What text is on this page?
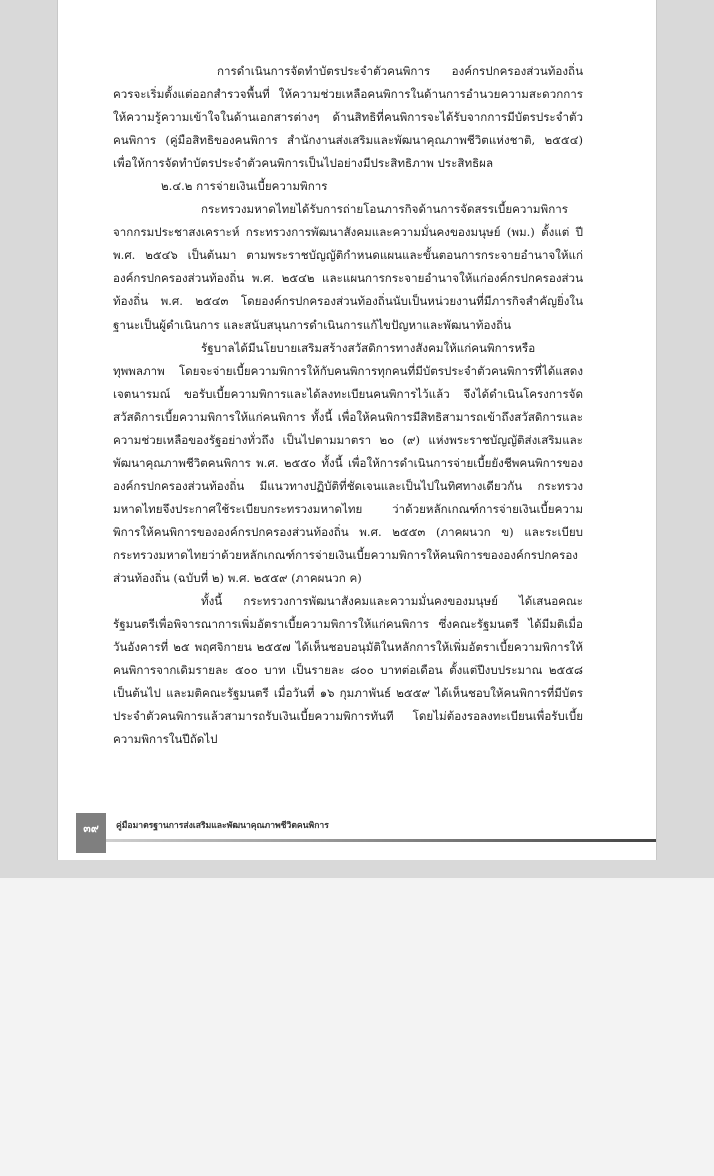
การดำเนินการจัดทำบัตรประจำตัวคนพิการ องค์กรปกครองส่วนท้องถิ่นควรจะเริ่มตั้งแต่ออกสำรวจพื้นที่ ให้ความช่วยเหลือคนพิการในด้านการอำนวยความสะดวกการให้ความรู้ความเข้าใจในด้านเอกสารต่างๆ ด้านสิทธิที่คนพิการจะได้รับจากการมีบัตรประจำตัวคนพิการ (คู่มือสิทธิของคนพิการ สำนักงานส่งเสริมและพัฒนาคุณภาพชีวิตแห่งชาติ, ๒๕๕๔) เพื่อให้การจัดทำบัตรประจำตัวคนพิการเป็นไปอย่างมีประสิทธิภาพ ประสิทธิผล

๒.๔.๒ การจ่ายเงินเบี้ยความพิการ

กระทรวงมหาดไทยได้รับการถ่ายโอนภารกิจด้านการจัดสรรเบี้ยความพิการจากกรมประชาสงเคราะห์ กระทรวงการพัฒนาสังคมและความมั่นคงของมนุษย์ (พม.) ตั้งแต่ ปี พ.ศ. ๒๕๔๖ เป็นต้นมา ตามพระราชบัญญัติกำหนดแผนและขั้นตอนการกระจายอำนาจให้แก่องค์กรปกครองส่วนท้องถิ่น พ.ศ. ๒๕๔๒ และแผนการกระจายอำนาจให้แก่องค์กรปกครองส่วนท้องถิ่น พ.ศ. ๒๕๔๓ โดยองค์กรปกครองส่วนท้องถิ่นนับเป็นหน่วยงานที่มีภารกิจสำคัญยิ่งในฐานะเป็นผู้ดำเนินการ และสนับสนุนการดำเนินการแก้ไขปัญหาและพัฒนาท้องถิ่น

รัฐบาลได้มีนโยบายเสริมสร้างสวัสดิการทางสังคมให้แก่คนพิการหรือทุพพลภาพ โดยจะจ่ายเบี้ยความพิการให้กับคนพิการทุกคนที่มีบัตรประจำตัวคนพิการที่ได้แสดงเจตนารมณ์ ขอรับเบี้ยความพิการและได้ลงทะเบียนคนพิการไว้แล้ว จึงได้ดำเนินโครงการจัดสวัสดิการเบี้ยความพิการให้แก่คนพิการ ทั้งนี้ เพื่อให้คนพิการมีสิทธิสามารถเข้าถึงสวัสดิการและความช่วยเหลือของรัฐอย่างทั่วถึง เป็นไปตามมาตรา ๒๐ (๙) แห่งพระราชบัญญัติส่งเสริมและพัฒนาคุณภาพชีวิตคนพิการ พ.ศ. ๒๕๕๐ ทั้งนี้ เพื่อให้การดำเนินการจ่ายเบี้ยยังชีพคนพิการขององค์กรปกครองส่วนท้องถิ่น มีแนวทางปฏิบัติที่ชัดเจนและเป็นไปในทิศทางเดียวกัน กระทรวงมหาดไทยจึงประกาศใช้ระเบียบกระทรวงมหาดไทย ว่าด้วยหลักเกณฑ์การจ่ายเงินเบี้ยความพิการให้คนพิการขององค์กรปกครองส่วนท้องถิ่น พ.ศ. ๒๕๕๓ (ภาคผนวก ข) และระเบียบกระทรวงมหาดไทยว่าด้วยหลักเกณฑ์การจ่ายเงินเบี้ยความพิการให้คนพิการขององค์กรปกครองส่วนท้องถิ่น (ฉบับที่ ๒) พ.ศ. ๒๕๕๙ (ภาคผนวก ค)

ทั้งนี้ กระทรวงการพัฒนาสังคมและความมั่นคงของมนุษย์ ได้เสนอคณะรัฐมนตรีเพื่อพิจารณาการเพิ่มอัตราเบี้ยความพิการให้แก่คนพิการ ซึ่งคณะรัฐมนตรี ได้มีมติเมื่อวันอังคารที่ ๒๕ พฤศจิกายน ๒๕๕๗ ได้เห็นชอบอนุมัติในหลักการให้เพิ่มอัตราเบี้ยความพิการให้คนพิการจากเดิมรายละ ๕๐๐ บาท เป็นรายละ ๘๐๐ บาทต่อเดือน ตั้งแต่ปีงบประมาณ ๒๕๕๘ เป็นต้นไป และมติคณะรัฐมนตรี เมื่อวันที่ ๑๖ กุมภาพันธ์ ๒๕๕๙ ได้เห็นชอบให้คนพิการที่มีบัตรประจำตัวคนพิการแล้วสามารถรับเงินเบี้ยความพิการทันที โดยไม่ต้องรอลงทะเบียนเพื่อรับเบี้ยความพิการในปีถัดไป

๓๙	คู่มือมาตรฐานการส่งเสริมและพัฒนาคุณภาพชีวิตคนพิการ
